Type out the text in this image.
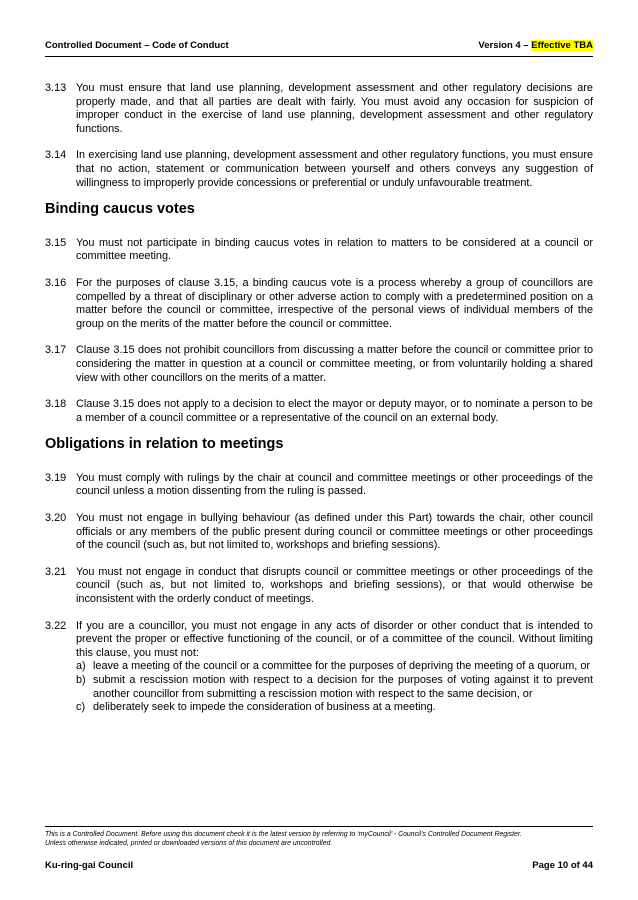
Controlled Document – Code of Conduct	Version 4 – Effective TBA
3.13 You must ensure that land use planning, development assessment and other regulatory decisions are properly made, and that all parties are dealt with fairly. You must avoid any occasion for suspicion of improper conduct in the exercise of land use planning, development assessment and other regulatory functions.
3.14 In exercising land use planning, development assessment and other regulatory functions, you must ensure that no action, statement or communication between yourself and others conveys any suggestion of willingness to improperly provide concessions or preferential or unduly unfavourable treatment.
Binding caucus votes
3.15 You must not participate in binding caucus votes in relation to matters to be considered at a council or committee meeting.
3.16 For the purposes of clause 3.15, a binding caucus vote is a process whereby a group of councillors are compelled by a threat of disciplinary or other adverse action to comply with a predetermined position on a matter before the council or committee, irrespective of the personal views of individual members of the group on the merits of the matter before the council or committee.
3.17 Clause 3.15 does not prohibit councillors from discussing a matter before the council or committee prior to considering the matter in question at a council or committee meeting, or from voluntarily holding a shared view with other councillors on the merits of a matter.
3.18 Clause 3.15 does not apply to a decision to elect the mayor or deputy mayor, or to nominate a person to be a member of a council committee or a representative of the council on an external body.
Obligations in relation to meetings
3.19 You must comply with rulings by the chair at council and committee meetings or other proceedings of the council unless a motion dissenting from the ruling is passed.
3.20 You must not engage in bullying behaviour (as defined under this Part) towards the chair, other council officials or any members of the public present during council or committee meetings or other proceedings of the council (such as, but not limited to, workshops and briefing sessions).
3.21 You must not engage in conduct that disrupts council or committee meetings or other proceedings of the council (such as, but not limited to, workshops and briefing sessions), or that would otherwise be inconsistent with the orderly conduct of meetings.
3.22 If you are a councillor, you must not engage in any acts of disorder or other conduct that is intended to prevent the proper or effective functioning of the council, or of a committee of the council. Without limiting this clause, you must not:
a) leave a meeting of the council or a committee for the purposes of depriving the meeting of a quorum, or
b) submit a rescission motion with respect to a decision for the purposes of voting against it to prevent another councillor from submitting a rescission motion with respect to the same decision, or
c) deliberately seek to impede the consideration of business at a meeting.
This is a Controlled Document. Before using this document check it is the latest version by referring to ‘myCouncil’ - Council’s Controlled Document Register.
Unless otherwise indicated, printed or downloaded versions of this document are uncontrolled.
Ku-ring-gai Council	Page 10 of 44
